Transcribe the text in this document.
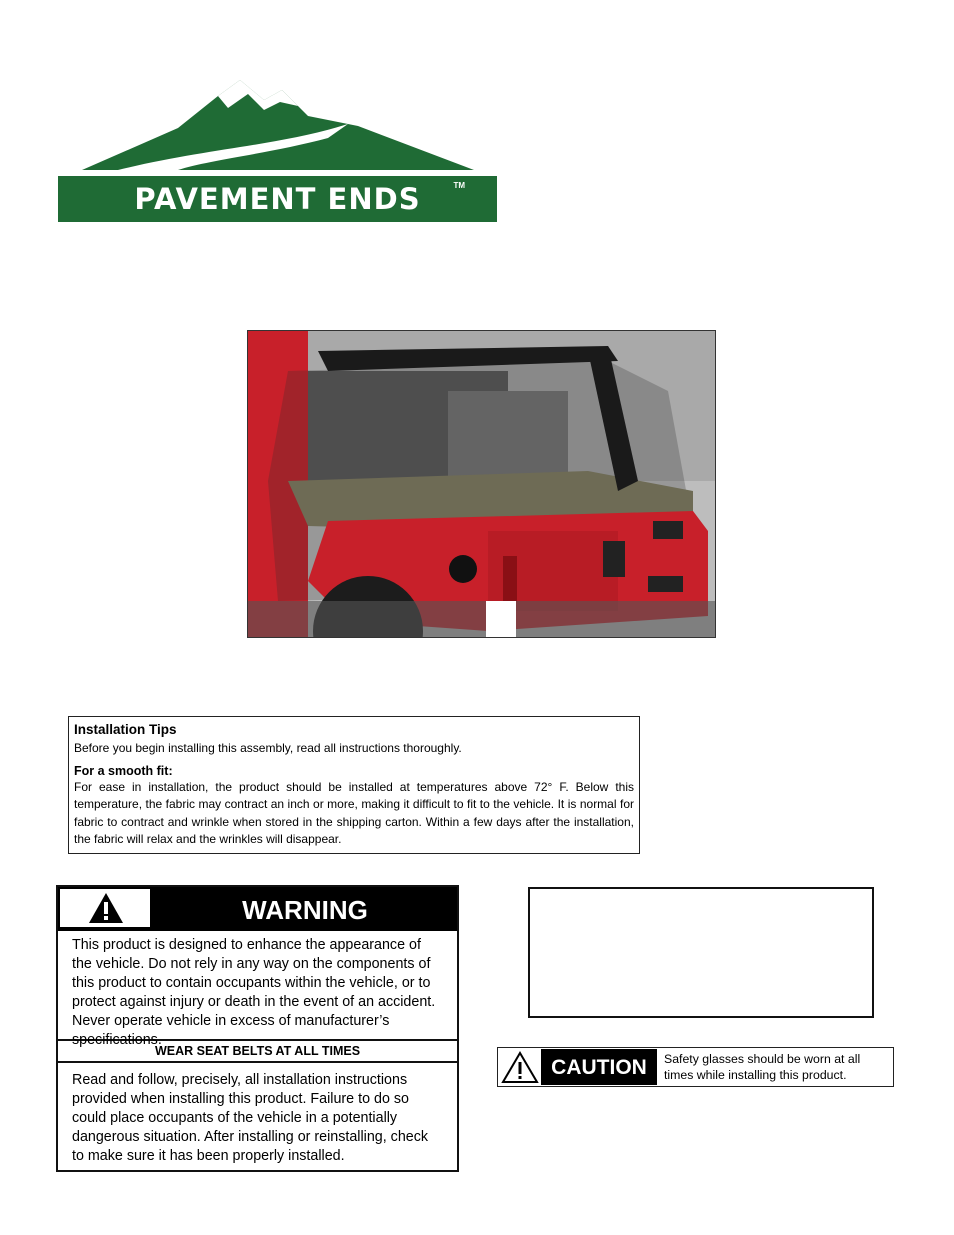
PAVEMENT ENDS	TM
Installation Tips

Before you begin installing this assembly, read all instructions thoroughly.

For a smooth fit:

For ease in installation, the product should be installed at temperatures above 72° F. Below this temperature, the fabric may contract an inch or more, making it difficult to fit to the vehicle. It is normal for fabric to contract and wrinkle when stored in the shipping carton. Within a few days after the installation, the fabric will relax and the wrinkles will disappear.

WARNING
This product is designed to enhance the appearance of the vehicle. Do not rely in any way on the components of this product to contain occupants within the vehicle, or to protect against injury or death in the event of an accident. Never operate vehicle in excess of manufacturer’s specifications.
WEAR SEAT BELTS AT ALL TIMES
Read and follow, precisely, all installation instructions provided when installing this product. Failure to do so could place occupants of the vehicle in a potentially dangerous situation. After installing or reinstalling, check to make sure it has been properly installed.
CAUTION	Safety glasses should be worn at all times while installing this product.
